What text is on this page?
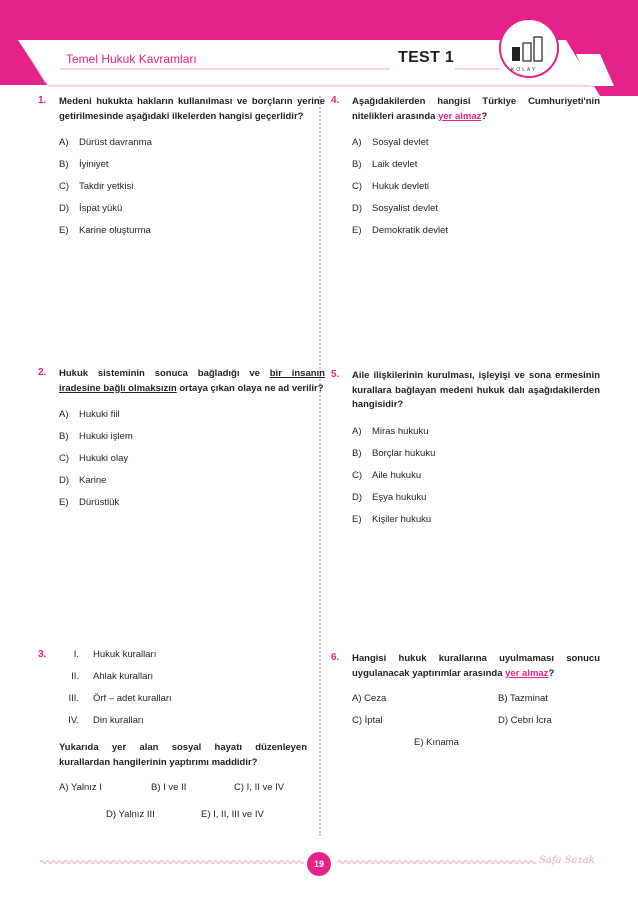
KOLAY
Temel Hukuk Kavramları	TEST 1
1. Medeni hukukta hakların kullanılması ve borçların yerine getirilmesinde aşağıdaki ilkelerden hangisi geçerlidir?
A)	Dürüst davranma
B)	İyiniyet
C)	Takdir yetkisi
D)	İspat yükü
E)	Karine oluşturma
2. Hukuk sisteminin sonuca bağladığı ve bir insanın iradesine bağlı olmaksızın ortaya çıkan olaya ne ad verilir?
A)	Hukuki fiil
B)	Hukuki işlem
C)	Hukuki olay
D)	Karine
E)	Dürüstlük
3.	I. Hukuk kuralları
II. Ahlak kuralları
III. Örf – adet kuralları
IV. Din kuralları
Yukarıda yer alan sosyal hayatı düzenleyen kurallardan hangilerinin yaptırımı maddidir?
A) Yalnız I	B) I ve II	C) I, II ve IV
D) Yalnız III	E) I, II, III ve IV
4. Aşağıdakilerden hangisi Türkiye Cumhuriyeti'nin nitelikleri arasında yer almaz?
A)	Sosyal devlet
B)	Laik devlet
C)	Hukuk devleti
D)	Sosyalist devlet
E)	Demokratik devlet
5. Aile ilişkilerinin kurulması, işleyişi ve sona ermesinin kurallara bağlayan medeni hukuk dalı aşağıdakilerden hangisidir?
A)	Miras hukuku
B)	Borçlar hukuku
C)	Aile hukuku
D)	Eşya hukuku
E)	Kişiler hukuku
6. Hangisi hukuk kurallarına uyulmaması sonucu uygulanacak yaptırımlar arasında yer almaz?
A) Ceza	B) Tazminat
C) İptal	D) Cebri İcra
E) Kınama
19	Safa Sazak
